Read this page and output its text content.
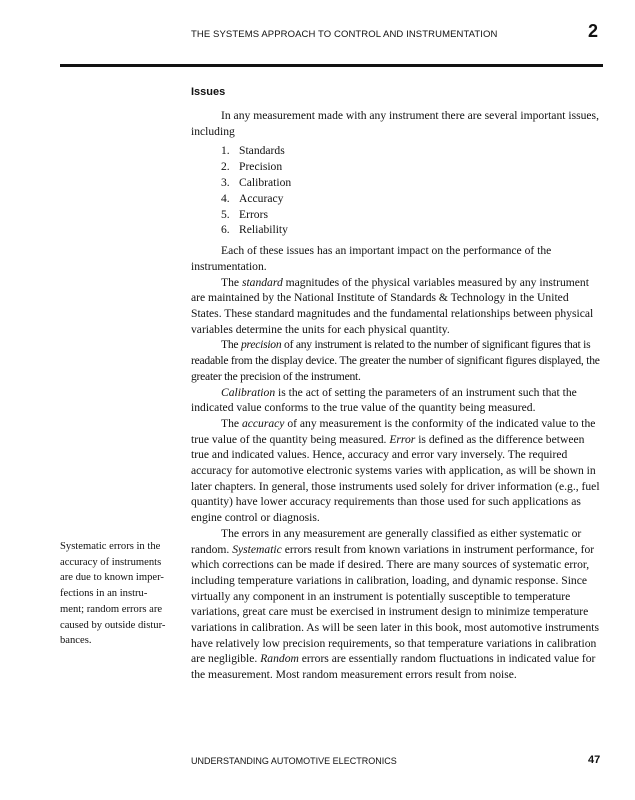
THE SYSTEMS APPROACH TO CONTROL AND INSTRUMENTATION	2
Issues

In any measurement made with any instrument there are several important issues, including

1. Standards
2. Precision
3. Calibration
4. Accuracy
5. Errors
6. Reliability

Each of these issues has an important impact on the performance of the instrumentation.

The standard magnitudes of the physical variables measured by any instrument are maintained by the National Institute of Standards & Technology in the United States. These standard magnitudes and the fundamental relationships between physical variables determine the units for each physical quantity.

The precision of any instrument is related to the number of significant figures that is readable from the display device. The greater the number of significant figures displayed, the greater the precision of the instrument.

Calibration is the act of setting the parameters of an instrument such that the indicated value conforms to the true value of the quantity being measured.

The accuracy of any measurement is the conformity of the indicated value to the true value of the quantity being measured. Error is defined as the difference between true and indicated values. Hence, accuracy and error vary inversely. The required accuracy for automotive electronic systems varies with application, as will be shown in later chapters. In general, those instruments used solely for driver information (e.g., fuel quantity) have lower accuracy requirements than those used for such applications as engine control or diagnosis.

The errors in any measurement are generally classified as either systematic or random. Systematic errors result from known variations in instrument performance, for which corrections can be made if desired. There are many sources of systematic error, including temperature variations in calibration, loading, and dynamic response. Since virtually any component in an instrument is potentially susceptible to temperature variations, great care must be exercised in instrument design to minimize temperature variations in calibration. As will be seen later in this book, most automotive instruments have relatively low precision requirements, so that temperature variations in calibration are negligible. Random errors are essentially random fluctuations in indicated value for the measurement. Most random measurement errors result from noise.

Systematic errors in the
accuracy of instruments
are due to known imper-
fections in an instru-
ment; random errors are
caused by outside distur-
bances.
UNDERSTANDING AUTOMOTIVE ELECTRONICS	47
